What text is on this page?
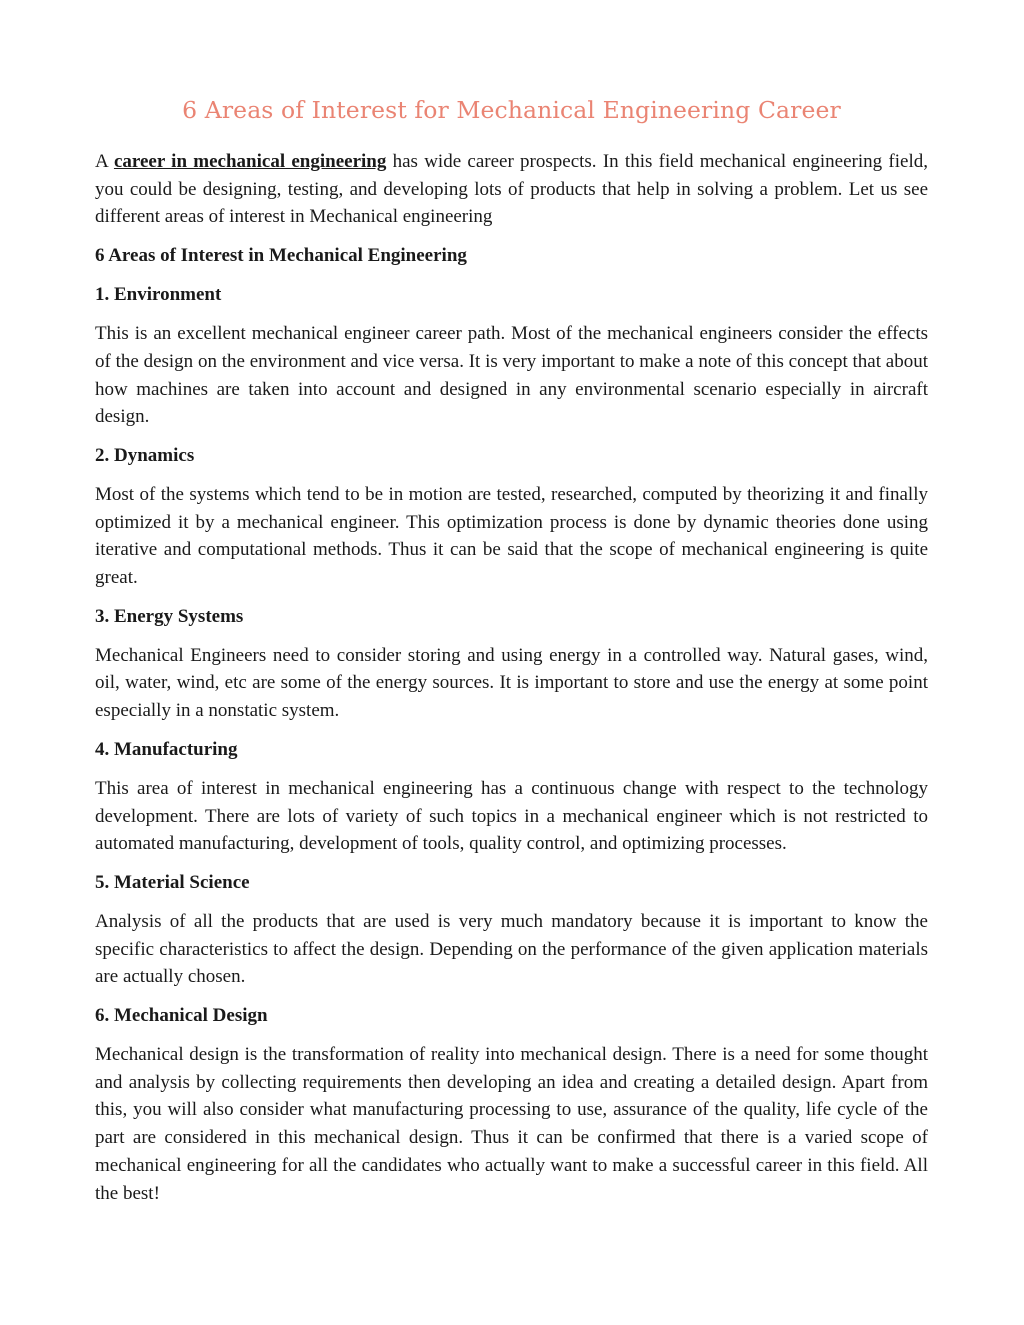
6 Areas of Interest for Mechanical Engineering Career

A career in mechanical engineering has wide career prospects. In this field mechanical engineering field, you could be designing, testing, and developing lots of products that help in solving a problem. Let us see different areas of interest in Mechanical engineering

6 Areas of Interest in Mechanical Engineering
1. Environment

This is an excellent mechanical engineer career path. Most of the mechanical engineers consider the effects of the design on the environment and vice versa. It is very important to make a note of this concept that about how machines are taken into account and designed in any environmental scenario especially in aircraft design.

2. Dynamics

Most of the systems which tend to be in motion are tested, researched, computed by theorizing it and finally optimized it by a mechanical engineer. This optimization process is done by dynamic theories done using iterative and computational methods. Thus it can be said that the scope of mechanical engineering is quite great.

3. Energy Systems

Mechanical Engineers need to consider storing and using energy in a controlled way. Natural gases, wind, oil, water, wind, etc are some of the energy sources. It is important to store and use the energy at some point especially in a nonstatic system.

4. Manufacturing

This area of interest in mechanical engineering has a continuous change with respect to the technology development. There are lots of variety of such topics in a mechanical engineer which is not restricted to automated manufacturing, development of tools, quality control, and optimizing processes.

5. Material Science

Analysis of all the products that are used is very much mandatory because it is important to know the specific characteristics to affect the design. Depending on the performance of the given application materials are actually chosen.

6. Mechanical Design

Mechanical design is the transformation of reality into mechanical design. There is a need for some thought and analysis by collecting requirements then developing an idea and creating a detailed design. Apart from this, you will also consider what manufacturing processing to use, assurance of the quality, life cycle of the part are considered in this mechanical design. Thus it can be confirmed that there is a varied scope of mechanical engineering for all the candidates who actually want to make a successful career in this field. All the best!
